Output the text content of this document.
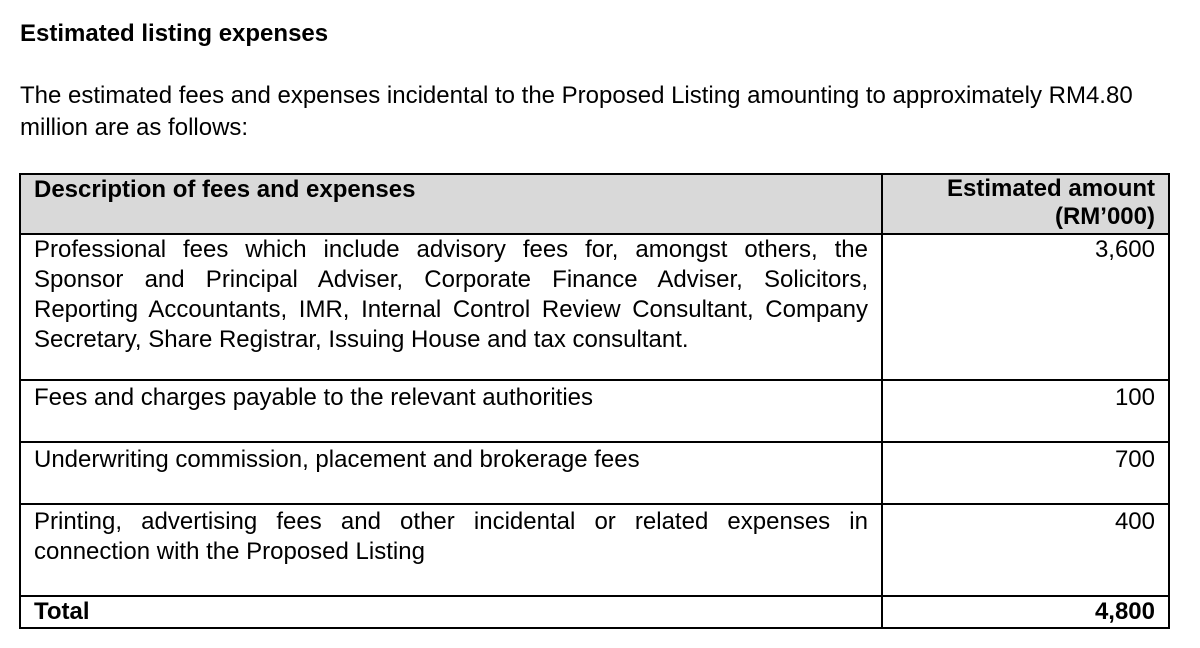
Estimated listing expenses
The estimated fees and expenses incidental to the Proposed Listing amounting to approximately RM4.80 million are as follows:
Description of fees and expenses	Estimated amount
(RM’000)

Professional fees which include advisory fees for, amongst others, the Sponsor and Principal Adviser, Corporate Finance Adviser, Solicitors, Reporting Accountants, IMR, Internal Control Review Consultant, Company Secretary, Share Registrar, Issuing House and tax consultant.	3,600
Fees and charges payable to the relevant authorities	100
Underwriting commission, placement and brokerage fees	700
Printing, advertising fees and other incidental or related expenses in connection with the Proposed Listing	400
Total	4,800
